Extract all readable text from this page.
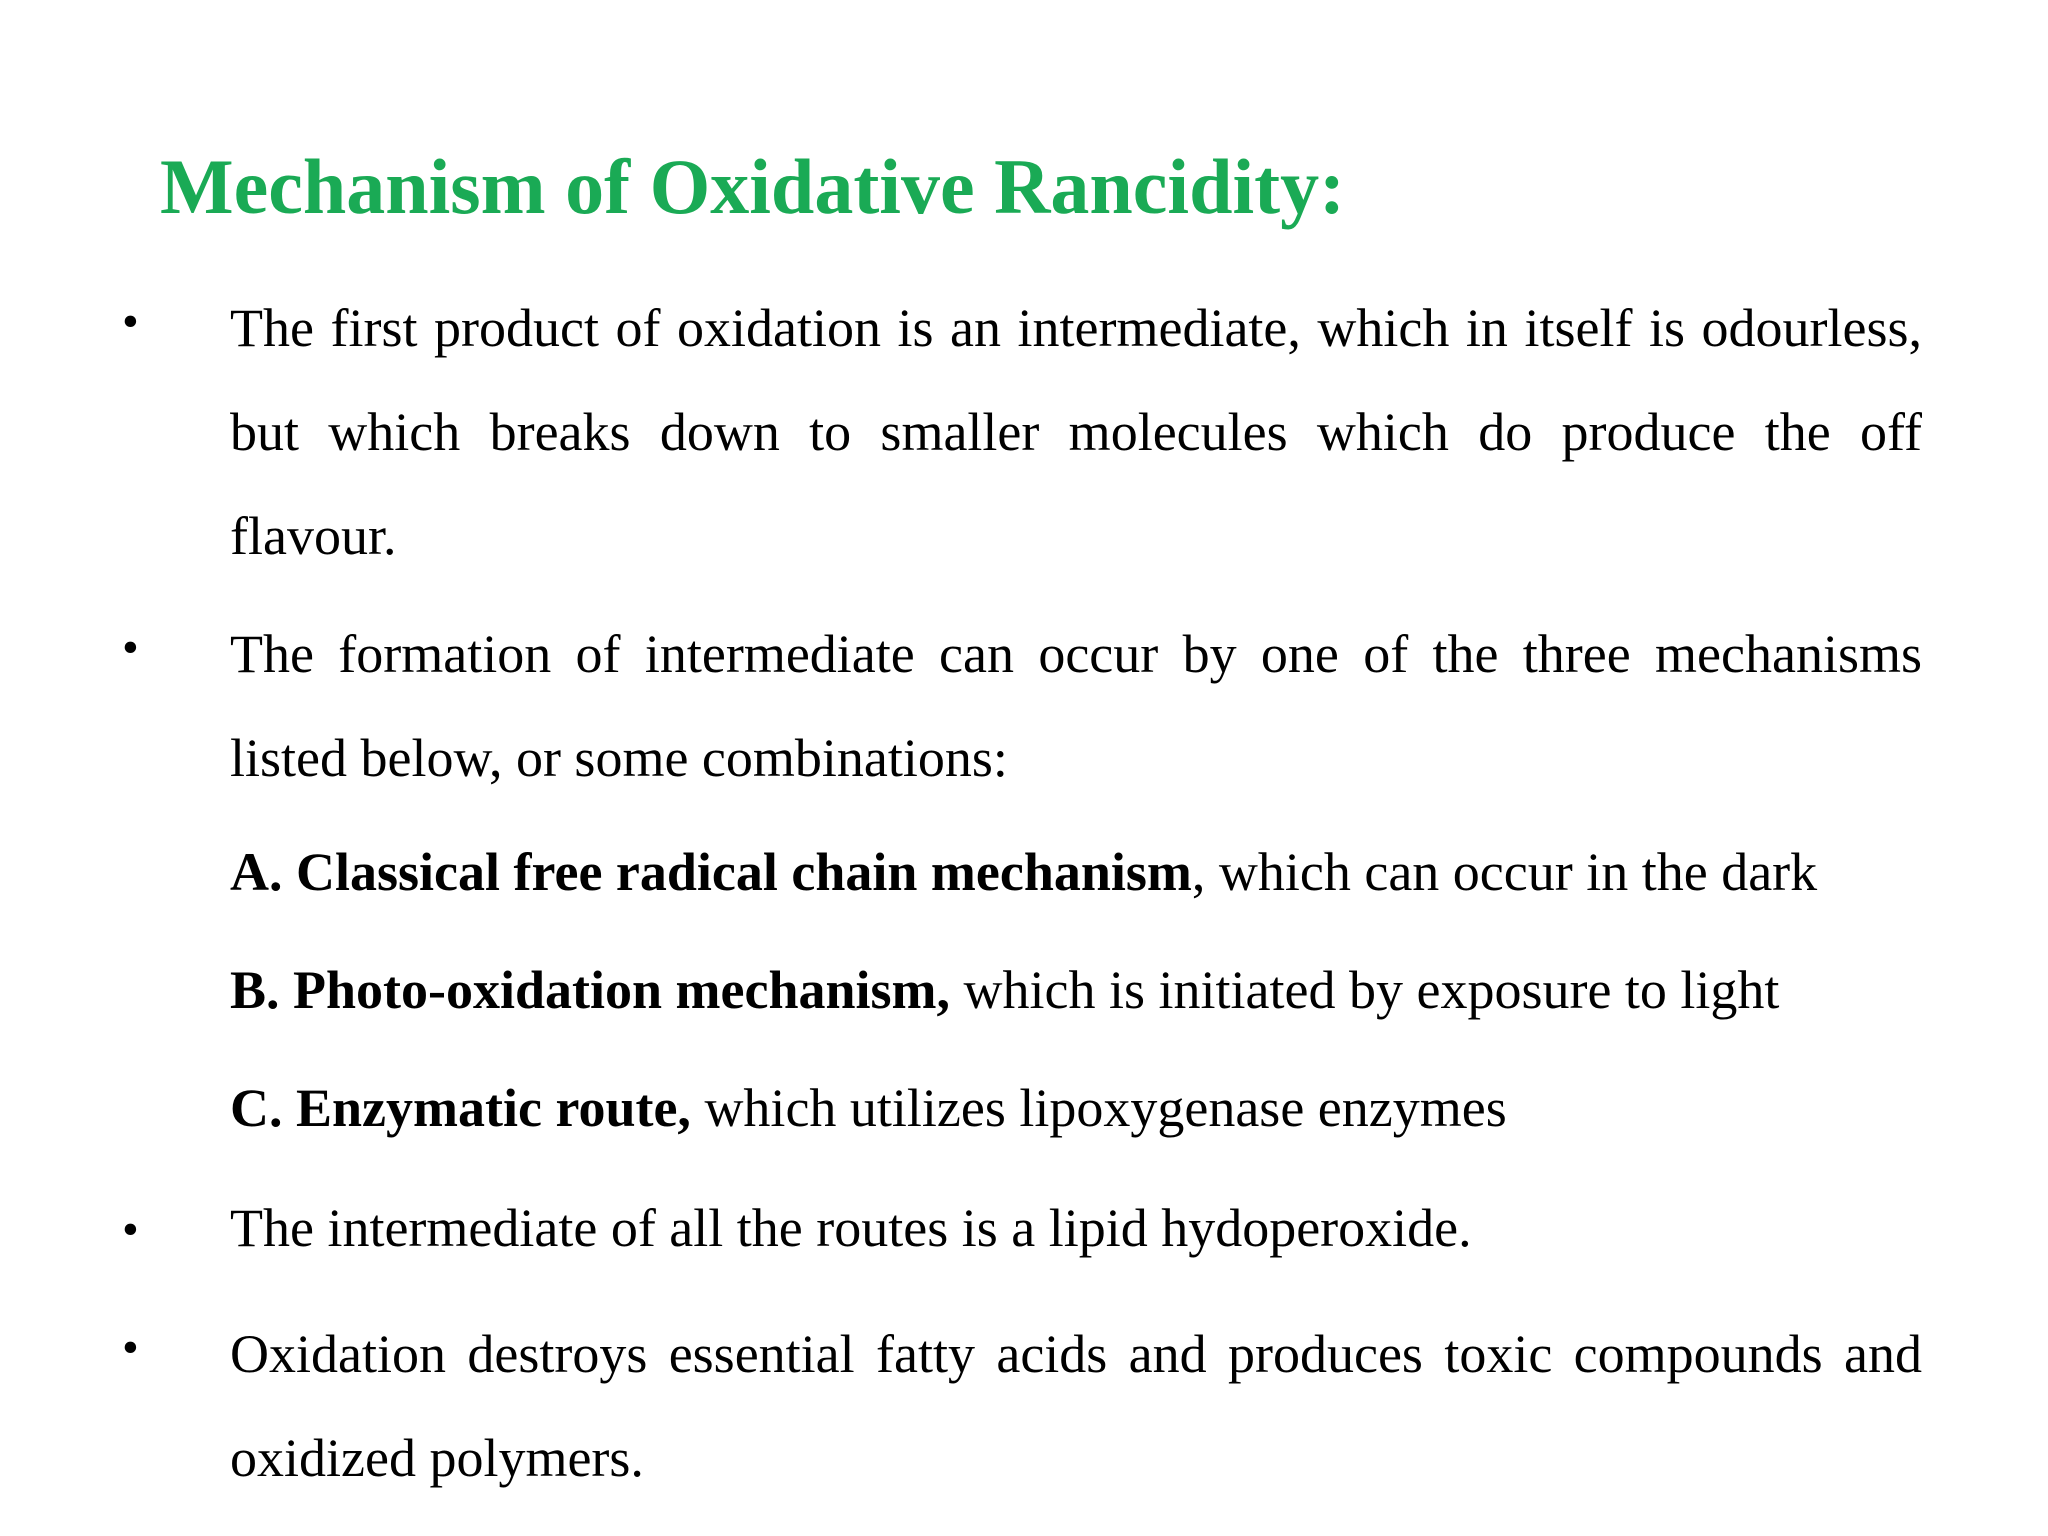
Mechanism of Oxidative Rancidity:
• The first product of oxidation is an intermediate, which in itself is odourless, but which breaks down to smaller molecules which do produce the off flavour.
• The formation of intermediate can occur by one of the three mechanisms listed below, or some combinations:
A. Classical free radical chain mechanism, which can occur in the dark
B. Photo-oxidation mechanism, which is initiated by exposure to light
C. Enzymatic route, which utilizes lipoxygenase enzymes
• The intermediate of all the routes is a lipid hydoperoxide.
• Oxidation destroys essential fatty acids and produces toxic compounds and oxidized polymers.
